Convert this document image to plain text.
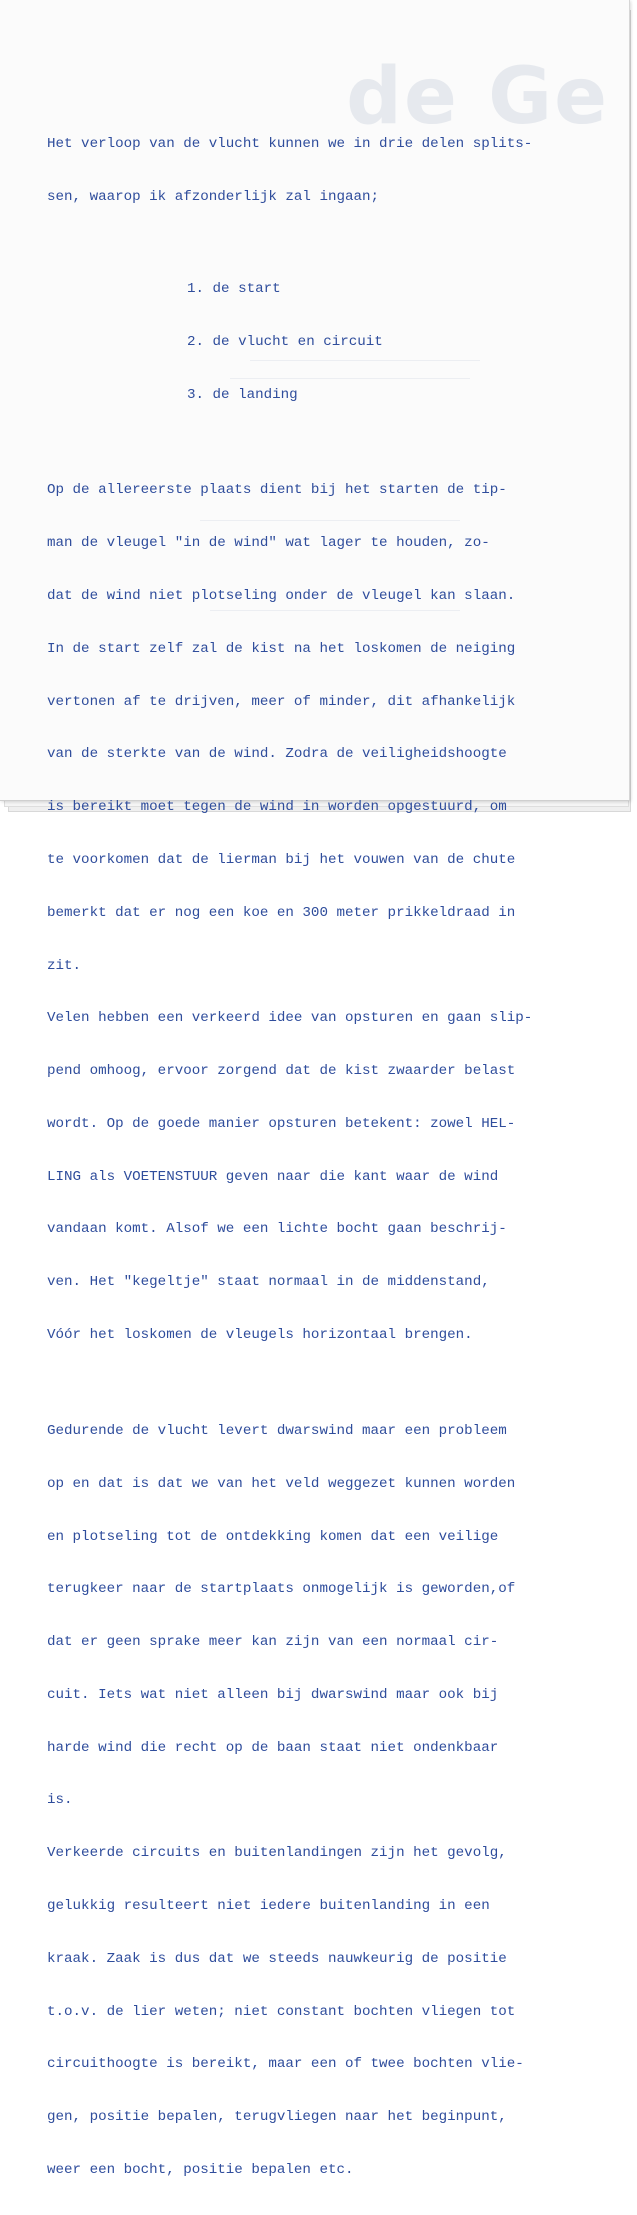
de Ge

Het verloop van de vlucht kunnen we in drie delen splits-

sen, waarop ik afzonderlijk zal ingaan;

1. de start

2. de vlucht en circuit

3. de landing

Op de allereerste plaats dient bij het starten de tip-

man de vleugel "in de wind" wat lager te houden, zo-

dat de wind niet plotseling onder de vleugel kan slaan.

In de start zelf zal de kist na het loskomen de neiging

vertonen af te drijven, meer of minder, dit afhankelijk

van de sterkte van de wind. Zodra de veiligheidshoogte

is bereikt moet tegen de wind in worden opgestuurd, om

te voorkomen dat de lierman bij het vouwen van de chute

bemerkt dat er nog een koe en 300 meter prikkeldraad in

zit.

Velen hebben een verkeerd idee van opsturen en gaan slip-

pend omhoog, ervoor zorgend dat de kist zwaarder belast

wordt. Op de goede manier opsturen betekent: zowel HEL-

LING als VOETENSTUUR geven naar die kant waar de wind

vandaan komt. Alsof we een lichte bocht gaan beschrij-

ven. Het "kegeltje" staat normaal in de middenstand,

Vóór het loskomen de vleugels horizontaal brengen.

Gedurende de vlucht levert dwarswind maar een probleem

op en dat is dat we van het veld weggezet kunnen worden

en plotseling tot de ontdekking komen dat een veilige

terugkeer naar de startplaats onmogelijk is geworden,of

dat er geen sprake meer kan zijn van een normaal cir-

cuit. Iets wat niet alleen bij dwarswind maar ook bij

harde wind die recht op de baan staat niet ondenkbaar

is.

Verkeerde circuits en buitenlandingen zijn het gevolg,

gelukkig resulteert niet iedere buitenlanding in een

kraak. Zaak is dus dat we steeds nauwkeurig de positie

t.o.v. de lier weten; niet constant bochten vliegen tot

circuithoogte is bereikt, maar een of twee bochten vlie-

gen, positie bepalen, terugvliegen naar het beginpunt,

weer een bocht, positie bepalen etc.
